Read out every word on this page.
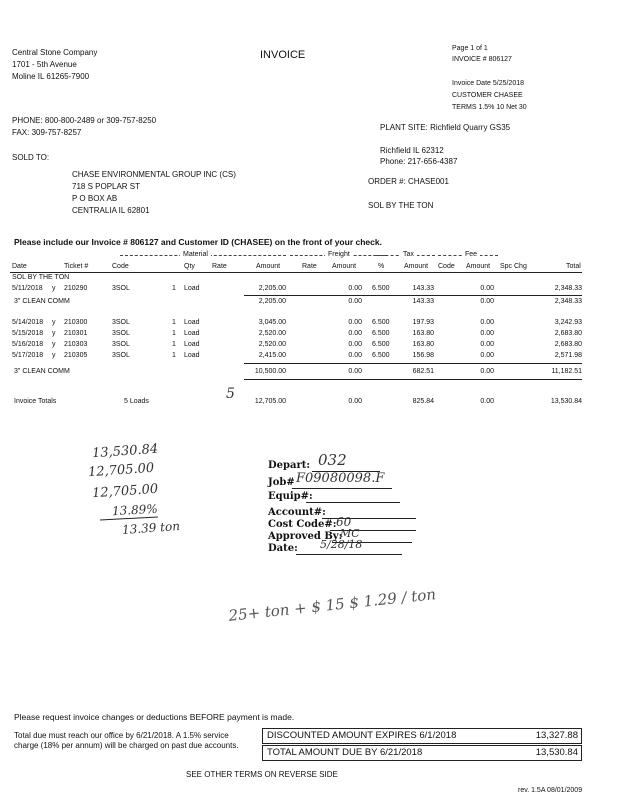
Central Stone Company
1701 - 5th Avenue
Moline IL 61265-7900
INVOICE
Page 1 of 1
INVOICE # 806127
Invoice Date 5/25/2018
CUSTOMER CHASEE
TERMS 1.5% 10 Net 30
PHONE: 800-800-2489 or 309-757-8250
FAX: 309-757-8257
PLANT SITE: Richfield Quarry GS35
Richfield IL 62312
Phone: 217-656-4387
SOLD TO:
CHASE ENVIRONMENTAL GROUP INC (CS)
718 S POPLAR ST
P O BOX AB
CENTRALIA IL 62801
ORDER #: CHASE001
SOL BY THE TON
Please include our Invoice # 806127 and Customer ID (CHASEE) on the front of your check.
Material	Freight	Tax	Fee
Date	Ticket #	Code	Qty Rate	Amount	Rate Amount	%	Amount Code Amount Spc Chg	Total
SOL BY THE TON
5/11/2018 y 210290	3SOL	1 Load	2,205.00	0.00 6.500	143.33	0.00	2,348.33
3" CLEAN COMM	2,205.00	0.00	143.33	0.00	2,348.33
5/14/2018 y 210300	3SOL	1 Load	3,045.00	0.00 6.500	197.93	0.00	3,242.93
5/15/2018 y 210301	3SOL	1 Load	2,520.00	0.00 6.500	163.80	0.00	2,683.80
5/16/2018 y 210303	3SOL	1 Load	2,520.00	0.00 6.500	163.80	0.00	2,683.80
5/17/2018 y 210305	3SOL	1 Load	2,415.00	0.00 6.500	156.98	0.00	2,571.98
3" CLEAN COMM	10,500.00	0.00	682.51	0.00	11,182.51
Invoice Totals	5 Loads	12,705.00	0.00	825.84	0.00	13,530.84
5
13,530.84
12,705.00
12,705.00
13.89%
13.39 ton
Depart: 032
Job# F09080098.F
Equip#:
Account#:
Cost Code#: 60
Approved By:
MC
Date: 5/28/18
25+ ton + $ 15 $ 1.29 / ton
Please request invoice changes or deductions BEFORE payment is made.
Total due must reach our office by 6/21/2018. A 1.5% service charge (18% per annum) will be charged on past due accounts.
DISCOUNTED AMOUNT EXPIRES 6/1/2018	13,327.88
TOTAL AMOUNT DUE BY 6/21/2018	13,530.84
SEE OTHER TERMS ON REVERSE SIDE
rev. 1.5A 08/01/2009
